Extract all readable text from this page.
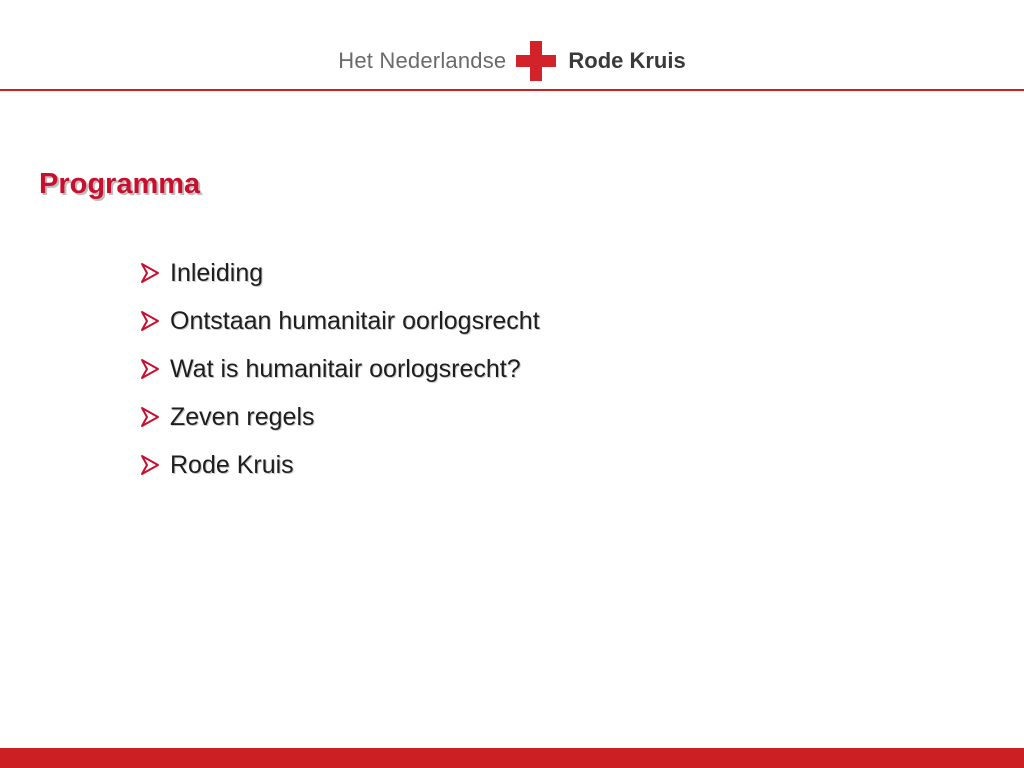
Het Nederlandse	Rode Kruis
Programma
Inleiding
Ontstaan humanitair oorlogsrecht
Wat is humanitair oorlogsrecht?
Zeven regels
Rode Kruis
